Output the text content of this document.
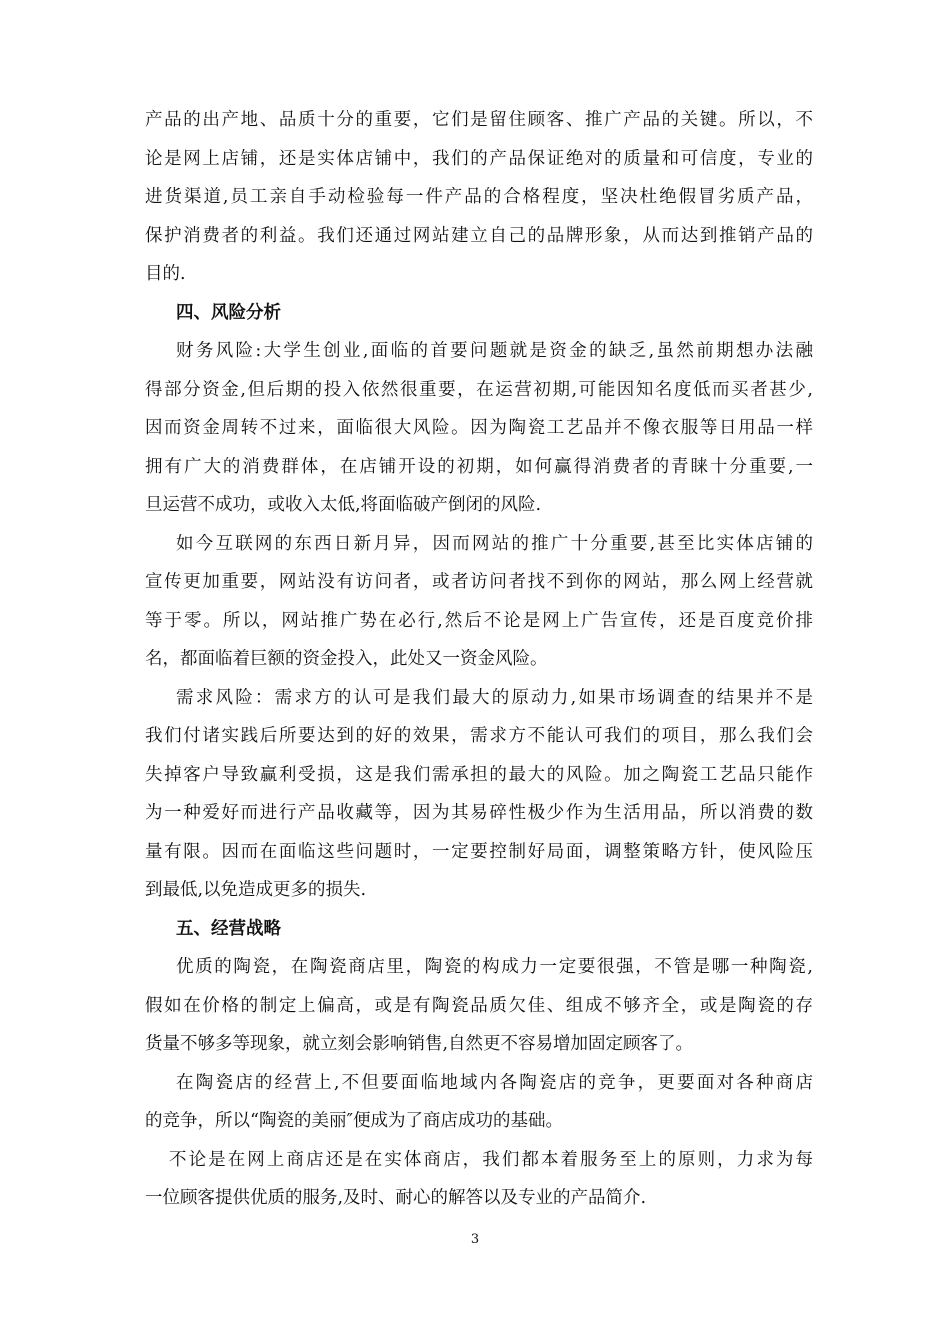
产品的出产地、品质十分的重要，它们是留住顾客、推广产品的关键。所以，不
论是网上店铺，还是实体店铺中，我们的产品保证绝对的质量和可信度，专业的
进货渠道,员工亲自手动检验每一件产品的合格程度，坚决杜绝假冒劣质产品，
保护消费者的利益。我们还通过网站建立自己的品牌形象，从而达到推销产品的
目的.
四、风险分析
财务风险:大学生创业,面临的首要问题就是资金的缺乏,虽然前期想办法融
得部分资金,但后期的投入依然很重要，在运营初期,可能因知名度低而买者甚少,
因而资金周转不过来，面临很大风险。因为陶瓷工艺品并不像衣服等日用品一样
拥有广大的消费群体，在店铺开设的初期，如何赢得消费者的青睐十分重要,一
旦运营不成功，或收入太低,将面临破产倒闭的风险.
如今互联网的东西日新月异，因而网站的推广十分重要,甚至比实体店铺的
宣传更加重要，网站没有访问者，或者访问者找不到你的网站，那么网上经营就
等于零。所以，网站推广势在必行,然后不论是网上广告宣传，还是百度竞价排
名，都面临着巨额的资金投入，此处又一资金风险。
需求风险：需求方的认可是我们最大的原动力,如果市场调查的结果并不是
我们付诸实践后所要达到的好的效果，需求方不能认可我们的项目，那么我们会
失掉客户导致赢利受损，这是我们需承担的最大的风险。加之陶瓷工艺品只能作
为一种爱好而进行产品收藏等，因为其易碎性极少作为生活用品，所以消费的数
量有限。因而在面临这些问题时，一定要控制好局面，调整策略方针，使风险压
到最低,以免造成更多的损失.
五、经营战略
优质的陶瓷，在陶瓷商店里，陶瓷的构成力一定要很强，不管是哪一种陶瓷,
假如在价格的制定上偏高，或是有陶瓷品质欠佳、组成不够齐全，或是陶瓷的存
货量不够多等现象，就立刻会影响销售,自然更不容易增加固定顾客了。
在陶瓷店的经营上,不但要面临地域内各陶瓷店的竞争，更要面对各种商店
的竞争，所以“陶瓷的美丽″便成为了商店成功的基础。
不论是在网上商店还是在实体商店，我们都本着服务至上的原则，力求为每
一位顾客提供优质的服务,及时、耐心的解答以及专业的产品简介.
3
